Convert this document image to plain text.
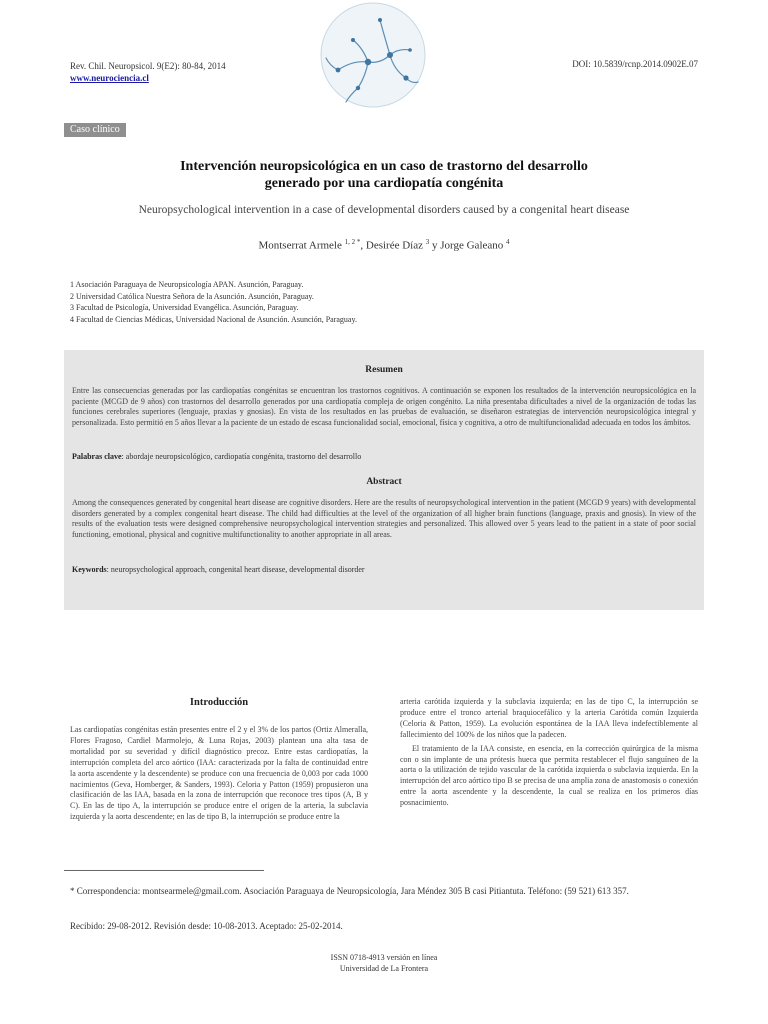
Rev. Chil. Neuropsicol. 9(E2): 80-84, 2014
www.neurociencia.cl
DOI: 10.5839/rcnp.2014.0902E.07
Caso clínico
Intervención neuropsicológica en un caso de trastorno del desarrollo
generado por una cardiopatía congénita
Neuropsychological intervention in a case of developmental disorders caused by a congenital heart disease
Montserrat Armele $^{1, 2 *}$, Desirée Díaz $^3$ y Jorge Galeano $^4$
1 Asociación Paraguaya de Neuropsicología APAN. Asunción, Paraguay.
2 Universidad Católica Nuestra Señora de la Asunción. Asunción, Paraguay.
3 Facultad de Psicología, Universidad Evangélica. Asunción, Paraguay.
4 Facultad de Ciencias Médicas, Universidad Nacional de Asunción. Asunción, Paraguay.
Resumen
Entre las consecuencias generadas por las cardiopatías congénitas se encuentran los trastornos cognitivos. A continuación se exponen los resultados de la intervención neuropsicológica en la paciente (MCGD de 9 años) con trastornos del desarrollo generados por una cardiopatía compleja de origen congénito. La niña presentaba dificultades a nivel de la organización de todas las funciones cerebrales superiores (lenguaje, praxias y gnosias). En vista de los resultados en las pruebas de evaluación, se diseñaron estrategias de intervención neuropsicológica integral y personalizada. Esto permitió en 5 años llevar a la paciente de un estado de escasa funcionalidad social, emocional, física y cognitiva, a otro de multifuncionalidad adecuada en todos los ámbitos.
Palabras clave: abordaje neuropsicológico, cardiopatía congénita, trastorno del desarrollo
Abstract
Among the consequences generated by congenital heart disease are cognitive disorders. Here are the results of neuropsychological intervention in the patient (MCGD 9 years) with developmental disorders generated by a complex congenital heart disease. The child had difficulties at the level of the organization of all higher brain functions (language, praxis and gnosis). In view of the results of the evaluation tests were designed comprehensive neuropsychological intervention strategies and personalized. This allowed over 5 years lead to the patient in a state of poor social functioning, emotional, physical and cognitive multifunctionality to another appropriate in all areas.
Keywords: neuropsychological approach, congenital heart disease, developmental disorder
Introducción
Las cardiopatías congénitas están presentes entre el 2 y el 3% de los partos (Ortiz Almeralla, Flores Fragoso, Cardiel Marmolejo, & Luna Rojas, 2003) plantean una alta tasa de mortalidad por su severidad y difícil diagnóstico precoz. Entre estas cardiopatías, la interrupción completa del arco aórtico (IAA: caracterizada por la falta de continuidad entre la aorta ascendente y la descendente) se produce con una frecuencia de 0,003 por cada 1000 nacimientos (Geva, Homberger, & Sanders, 1993). Celoria y Patton (1959) propusieron una clasificación de las IAA, basada en la zona de interrupción que reconoce tres tipos (A, B y C). En las de tipo A, la interrupción se produce entre el origen de la arteria, la subclavia izquierda y la aorta descendente; en las de tipo B, la interrupción se produce entre la
arteria carótida izquierda y la subclavia izquierda; en las de tipo C, la interrupción se produce entre el tronco arterial braquiocefálico y la arteria Carótida común Izquierda (Celoria & Patton, 1959). La evolución espontánea de la IAA lleva indefectiblemente al fallecimiento del 100% de los niños que la padecen.
El tratamiento de la IAA consiste, en esencia, en la corrección quirúrgica de la misma con o sin implante de una prótesis hueca que permita restablecer el flujo sanguíneo de la aorta o la utilización de tejido vascular de la carótida izquierda o subclavia izquierda. En la interrupción del arco aórtico tipo B se precisa de una amplia zona de anastomosis o conexión entre la aorta ascendente y la descendente, la cual se realiza en los primeros días posnacimiento.
* Correspondencia: montsearmele@gmail.com. Asociación Paraguaya de Neuropsicología, Jara Méndez 305 B casi Pitiantuta. Teléfono: (59 521) 613 357.
Recibido: 29-08-2012. Revisión desde: 10-08-2013. Aceptado: 25-02-2014.
ISSN 0718-4913 versión en línea
Universidad de La Frontera
